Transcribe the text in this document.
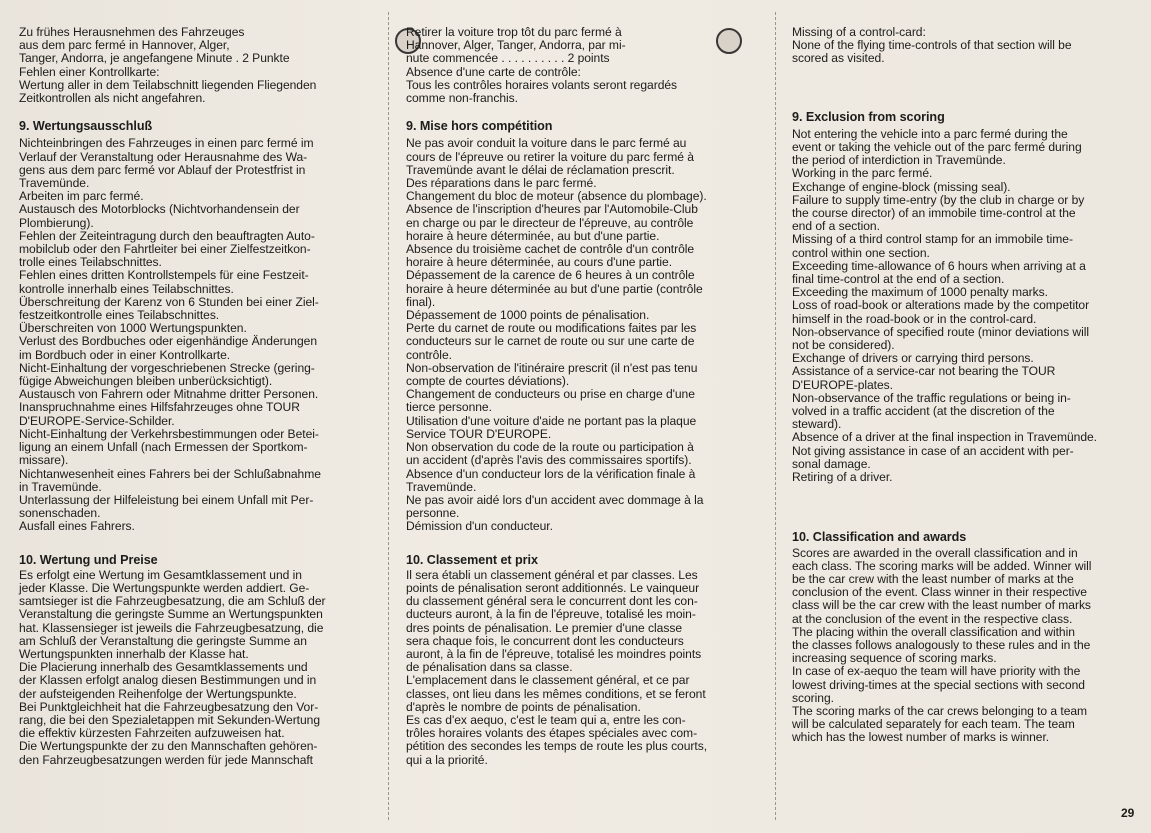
Zu frühes Herausnehmen des Fahrzeuges
aus dem parc fermé in Hannover, Alger,
Tanger, Andorra, je angefangene Minute . 2 Punkte
Fehlen einer Kontrollkarte:
Wertung aller in dem Teilabschnitt liegenden Fliegenden
Zeitkontrollen als nicht angefahren.

9. Wertungsausschluß

Nichteinbringen des Fahrzeuges in einen parc fermé im
Verlauf der Veranstaltung oder Herausnahme des Wa-
gens aus dem parc fermé vor Ablauf der Protestfrist in
Travemünde.
Arbeiten im parc fermé.
Austausch des Motorblocks (Nichtvorhandensein der
Plombierung).
Fehlen der Zeiteintragung durch den beauftragten Auto-
mobilclub oder den Fahrtleiter bei einer Zielfestzeitkon-
trolle eines Teilabschnittes.
Fehlen eines dritten Kontrollstempels für eine Festzeit-
kontrolle innerhalb eines Teilabschnittes.
Überschreitung der Karenz von 6 Stunden bei einer Ziel-
festzeitkontrolle eines Teilabschnittes.
Überschreiten von 1000 Wertungspunkten.
Verlust des Bordbuches oder eigenhändige Änderungen
im Bordbuch oder in einer Kontrollkarte.
Nicht-Einhaltung der vorgeschriebenen Strecke (gering-
fügige Abweichungen bleiben unberücksichtigt).
Austausch von Fahrern oder Mitnahme dritter Personen.
Inanspruchnahme eines Hilfsfahrzeuges ohne TOUR
D'EUROPE-Service-Schilder.
Nicht-Einhaltung der Verkehrsbestimmungen oder Betei-
ligung an einem Unfall (nach Ermessen der Sportkom-
missare).
Nichtanwesenheit eines Fahrers bei der Schlußabnahme
in Travemünde.
Unterlassung der Hilfeleistung bei einem Unfall mit Per-
sonenschaden.
Ausfall eines Fahrers.

10. Wertung und Preise

Es erfolgt eine Wertung im Gesamtklassement und in
jeder Klasse. Die Wertungspunkte werden addiert. Ge-
samtsieger ist die Fahrzeugbesatzung, die am Schluß der
Veranstaltung die geringste Summe an Wertungspunkten
hat. Klassensieger ist jeweils die Fahrzeugbesatzung, die
am Schluß der Veranstaltung die geringste Summe an
Wertungspunkten innerhalb der Klasse hat.
Die Placierung innerhalb des Gesamtklassements und
der Klassen erfolgt analog diesen Bestimmungen und in
der aufsteigenden Reihenfolge der Wertungspunkte.
Bei Punktgleichheit hat die Fahrzeugbesatzung den Vor-
rang, die bei den Spezialetappen mit Sekunden-Wertung
die effektiv kürzesten Fahrzeiten aufzuweisen hat.
Die Wertungspunkte der zu den Mannschaften gehören-
den Fahrzeugbesatzungen werden für jede Mannschaft

Retirer la voiture trop tôt du parc fermé à
Hannover, Alger, Tanger, Andorra, par mi-
nute commencée . . . . . . . . . . 2 points
Absence d'une carte de contrôle:
Tous les contrôles horaires volants seront regardés
comme non-franchis.

9. Mise hors compétition

Ne pas avoir conduit la voiture dans le parc fermé au
cours de l'épreuve ou retirer la voiture du parc fermé à
Travemünde avant le délai de réclamation prescrit.
Des réparations dans le parc fermé.
Changement du bloc de moteur (absence du plombage).
Absence de l'inscription d'heures par l'Automobile-Club
en charge ou par le directeur de l'épreuve, au contrôle
horaire à heure déterminée, au but d'une partie.
Absence du troisième cachet de contrôle d'un contrôle
horaire à heure déterminée, au cours d'une partie.
Dépassement de la carence de 6 heures à un contrôle
horaire à heure déterminée au but d'une partie (contrôle
final).
Dépassement de 1000 points de pénalisation.
Perte du carnet de route ou modifications faites par les
conducteurs sur le carnet de route ou sur une carte de
contrôle.
Non-observation de l'itinéraire prescrit (il n'est pas tenu
compte de courtes déviations).
Changement de conducteurs ou prise en charge d'une
tierce personne.
Utilisation d'une voiture d'aide ne portant pas la plaque
Service TOUR D'EUROPE.
Non observation du code de la route ou participation à
un accident (d'après l'avis des commissaires sportifs).
Absence d'un conducteur lors de la vérification finale à
Travemünde.
Ne pas avoir aidé lors d'un accident avec dommage à la
personne.
Démission d'un conducteur.

10. Classement et prix

Il sera établi un classement général et par classes. Les
points de pénalisation seront additionnés. Le vainqueur
du classement général sera le concurrent dont les con-
ducteurs auront, à la fin de l'épreuve, totalisé les moin-
dres points de pénalisation. Le premier d'une classe
sera chaque fois, le concurrent dont les conducteurs
auront, à la fin de l'épreuve, totalisé les moindres points
de pénalisation dans sa classe.
L'emplacement dans le classement général, et ce par
classes, ont lieu dans les mêmes conditions, et se feront
d'après le nombre de points de pénalisation.
Es cas d'ex aequo, c'est le team qui a, entre les con-
trôles horaires volants des étapes spéciales avec com-
pétition des secondes les temps de route les plus courts,
qui a la priorité.

Missing of a control-card:
None of the flying time-controls of that section will be
scored as visited.

9. Exclusion from scoring

Not entering the vehicle into a parc fermé during the
event or taking the vehicle out of the parc fermé during
the period of interdiction in Travemünde.
Working in the parc fermé.
Exchange of engine-block (missing seal).
Failure to supply time-entry (by the club in charge or by
the course director) of an immobile time-control at the
end of a section.
Missing of a third control stamp for an immobile time-
control within one section.
Exceeding time-allowance of 6 hours when arriving at a
final time-control at the end of a section.
Exceeding the maximum of 1000 penalty marks.
Loss of road-book or alterations made by the competitor
himself in the road-book or in the control-card.
Non-observance of specified route (minor deviations will
not be considered).
Exchange of drivers or carrying third persons.
Assistance of a service-car not bearing the TOUR
D'EUROPE-plates.
Non-observance of the traffic regulations or being in-
volved in a traffic accident (at the discretion of the
steward).
Absence of a driver at the final inspection in Travemünde.
Not giving assistance in case of an accident with per-
sonal damage.
Retiring of a driver.

10. Classification and awards

Scores are awarded in the overall classification and in
each class. The scoring marks will be added. Winner will
be the car crew with the least number of marks at the
conclusion of the event. Class winner in their respective
class will be the car crew with the least number of marks
at the conclusion of the event in the respective class.
The placing within the overall classification and within
the classes follows analogously to these rules and in the
increasing sequence of scoring marks.
In case of ex-aequo the team will have priority with the
lowest driving-times at the special sections with second
scoring.
The scoring marks of the car crews belonging to a team
will be calculated separately for each team. The team
which has the lowest number of marks is winner.

29
